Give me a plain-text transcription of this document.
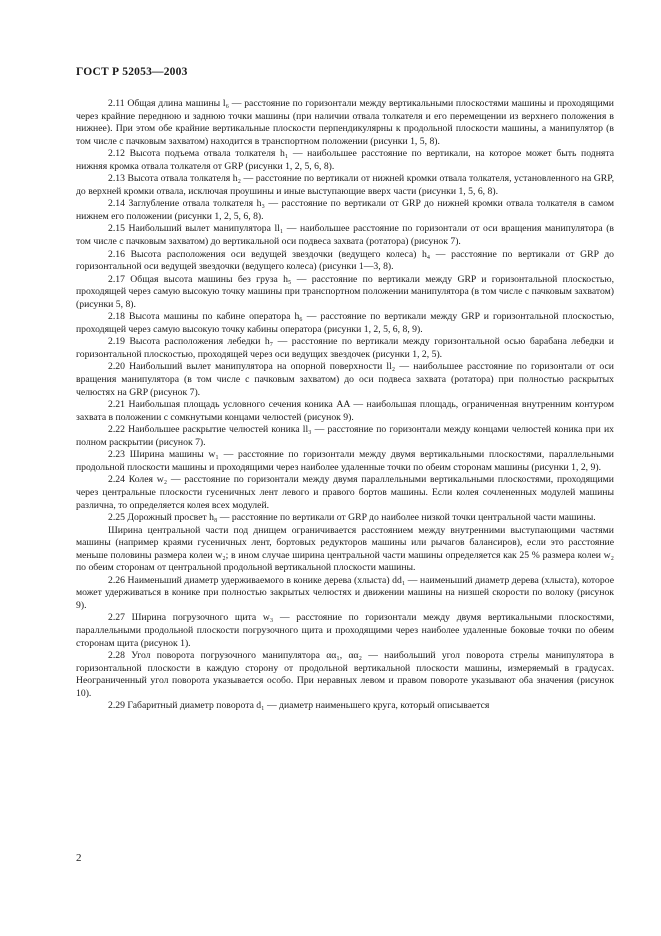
ГОСТ Р 52053—2003

2.11 Общая длина машины l₆ — расстояние по горизонтали между вертикальными плоскостями машины и проходящими через крайние переднюю и заднюю точки машины (при наличии отвала толкателя и его перемещении из верхнего положения в нижнее). При этом обе крайние вертикальные плоскости перпендикулярны к продольной плоскости машины, а манипулятор (в том числе с пачковым захватом) находится в транспортном положении (рисунки 1, 5, 8).

2.12 Высота подъема отвала толкателя h₁ — наибольшее расстояние по вертикали, на которое может быть поднята нижняя кромка отвала толкателя от GRP (рисунки 1, 2, 5, 6, 8).

2.13 Высота отвала толкателя h₂ — расстояние по вертикали от нижней кромки отвала толкателя, установленного на GRP, до верхней кромки отвала, исключая проушины и иные выступающие вверх части (рисунки 1, 5, 6, 8).

2.14 Заглубление отвала толкателя h₃ — расстояние по вертикали от GRP до нижней кромки отвала толкателя в самом нижнем его положении (рисунки 1, 2, 5, 6, 8).

2.15 Наибольший вылет манипулятора ll₁ — наибольшее расстояние по горизонтали от оси вращения манипулятора (в том числе с пачковым захватом) до вертикальной оси подвеса захвата (ротатора) (рисунок 7).

2.16 Высота расположения оси ведущей звездочки (ведущего колеса) h₄ — расстояние по вертикали от GRP до горизонтальной оси ведущей звездочки (ведущего колеса) (рисунки 1—3, 8).

2.17 Общая высота машины без груза h₅ — расстояние по вертикали между GRP и горизонтальной плоскостью, проходящей через самую высокую точку машины при транспортном положении манипулятора (в том числе с пачковым захватом) (рисунки 5, 8).

2.18 Высота машины по кабине оператора h₆ — расстояние по вертикали между GRP и горизонтальной плоскостью, проходящей через самую высокую точку кабины оператора (рисунки 1, 2, 5, 6, 8, 9).

2.19 Высота расположения лебедки h₇ — расстояние по вертикали между горизонтальной осью барабана лебедки и горизонтальной плоскостью, проходящей через оси ведущих звездочек (рисунки 1, 2, 5).

2.20 Наибольший вылет манипулятора на опорной поверхности ll₂ — наибольшее расстояние по горизонтали от оси вращения манипулятора (в том числе с пачковым захватом) до оси подвеса захвата (ротатора) при полностью раскрытых челюстях на GRP (рисунок 7).

2.21 Наибольшая площадь условного сечения коника AA — наибольшая площадь, ограниченная внутренним контуром захвата в положении с сомкнутыми концами челюстей (рисунок 9).

2.22 Наибольшее раскрытие челюстей коника ll₃ — расстояние по горизонтали между концами челюстей коника при их полном раскрытии (рисунок 7).

2.23 Ширина машины w₁ — расстояние по горизонтали между двумя вертикальными плоскостями, параллельными продольной плоскости машины и проходящими через наиболее удаленные точки по обеим сторонам машины (рисунки 1, 2, 9).

2.24 Колея w₂ — расстояние по горизонтали между двумя параллельными вертикальными плоскостями, проходящими через центральные плоскости гусеничных лент левого и правого бортов машины. Если колея сочлененных модулей машины различна, то определяется колея всех модулей.

2.25 Дорожный просвет h₈ — расстояние по вертикали от GRP до наиболее низкой точки центральной части машины.

Ширина центральной части под днищем ограничивается расстоянием между внутренними выступающими частями машины (например краями гусеничных лент, бортовых редукторов машины или рычагов балансиров), если это расстояние меньше половины размера колеи w₂; в ином случае ширина центральной части машины определяется как 25 % размера колеи w₂ по обеим сторонам от центральной продольной вертикальной плоскости машины.

2.26 Наименьший диаметр удерживаемого в конике дерева (хлыста) dd₁ — наименьший диаметр дерева (хлыста), которое может удерживаться в конике при полностью закрытых челюстях и движении машины на низшей скорости по волоку (рисунок 9).

2.27 Ширина погрузочного щита w₃ — расстояние по горизонтали между двумя вертикальными плоскостями, параллельными продольной плоскости погрузочного щита и проходящими через наиболее удаленные боковые точки по обеим сторонам щита (рисунок 1).

2.28 Угол поворота погрузочного манипулятора αα₁, αα₂ — наибольший угол поворота стрелы манипулятора в горизонтальной плоскости в каждую сторону от продольной вертикальной плоскости машины, измеряемый в градусах. Неограниченный угол поворота указывается особо. При неравных левом и правом повороте указывают оба значения (рисунок 10).

2.29 Габаритный диаметр поворота d₁ — диаметр наименьшего круга, который описывается

2
